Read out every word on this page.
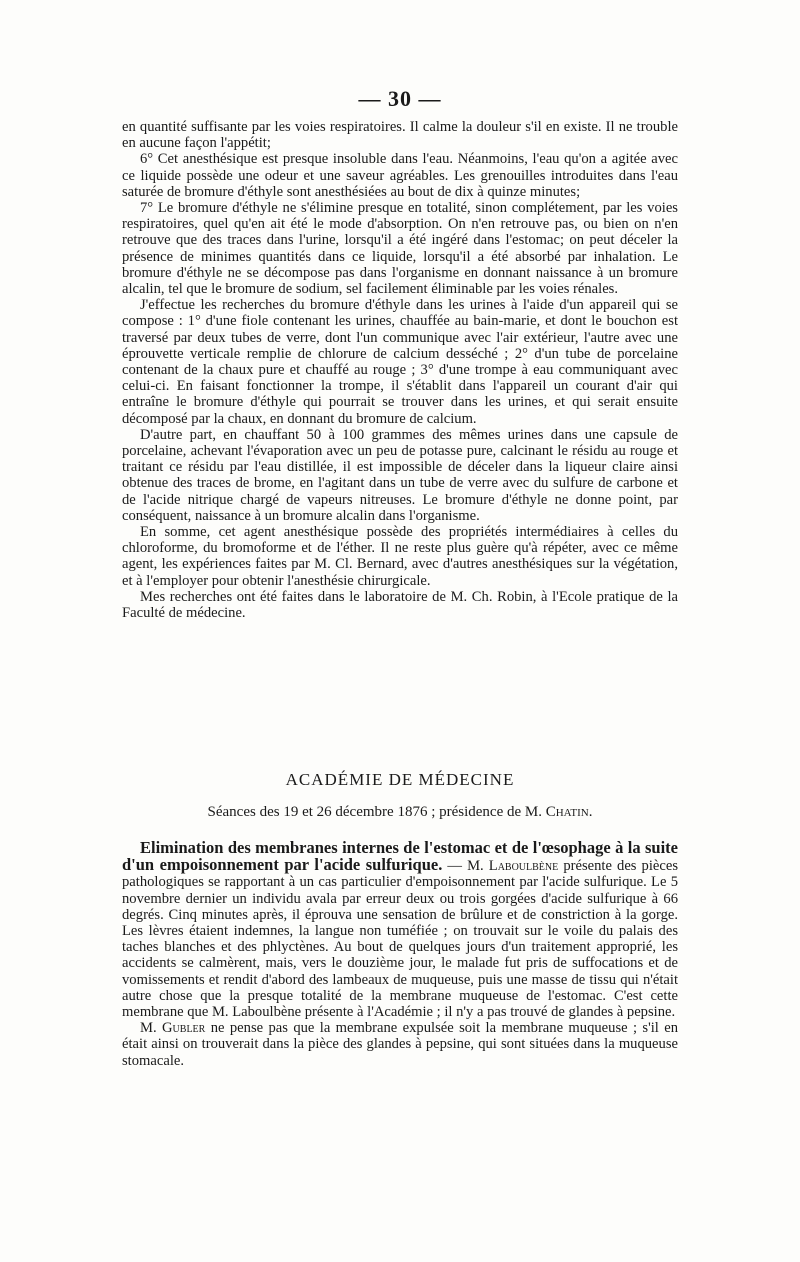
— 30 —

en quantité suffisante par les voies respiratoires. Il calme la douleur s'il en existe. Il ne trouble en aucune façon l'appétit;

6° Cet anesthésique est presque insoluble dans l'eau. Néanmoins, l'eau qu'on a agitée avec ce liquide possède une odeur et une saveur agréables. Les grenouilles introduites dans l'eau saturée de bromure d'éthyle sont anesthésiées au bout de dix à quinze minutes;

7° Le bromure d'éthyle ne s'élimine presque en totalité, sinon complétement, par les voies respiratoires, quel qu'en ait été le mode d'absorption. On n'en retrouve pas, ou bien on n'en retrouve que des traces dans l'urine, lorsqu'il a été ingéré dans l'estomac; on peut déceler la présence de minimes quantités dans ce liquide, lorsqu'il a été absorbé par inhalation. Le bromure d'éthyle ne se décompose pas dans l'organisme en donnant naissance à un bromure alcalin, tel que le bromure de sodium, sel facilement éliminable par les voies rénales.

J'effectue les recherches du bromure d'éthyle dans les urines à l'aide d'un appareil qui se compose : 1° d'une fiole contenant les urines, chauffée au bain-marie, et dont le bouchon est traversé par deux tubes de verre, dont l'un communique avec l'air extérieur, l'autre avec une éprouvette verticale remplie de chlorure de calcium desséché ; 2° d'un tube de porcelaine contenant de la chaux pure et chauffé au rouge ; 3° d'une trompe à eau communiquant avec celui-ci. En faisant fonctionner la trompe, il s'établit dans l'appareil un courant d'air qui entraîne le bromure d'éthyle qui pourrait se trouver dans les urines, et qui serait ensuite décomposé par la chaux, en donnant du bromure de calcium.

D'autre part, en chauffant 50 à 100 grammes des mêmes urines dans une capsule de porcelaine, achevant l'évaporation avec un peu de potasse pure, calcinant le résidu au rouge et traitant ce résidu par l'eau distillée, il est impossible de déceler dans la liqueur claire ainsi obtenue des traces de brome, en l'agitant dans un tube de verre avec du sulfure de carbone et de l'acide nitrique chargé de vapeurs nitreuses. Le bromure d'éthyle ne donne point, par conséquent, naissance à un bromure alcalin dans l'organisme.

En somme, cet agent anesthésique possède des propriétés intermédiaires à celles du chloroforme, du bromoforme et de l'éther. Il ne reste plus guère qu'à répéter, avec ce même agent, les expériences faites par M. Cl. Bernard, avec d'autres anesthésiques sur la végétation, et à l'employer pour obtenir l'anesthésie chirurgicale.

Mes recherches ont été faites dans le laboratoire de M. Ch. Robin, à l'Ecole pratique de la Faculté de médecine.

ACADÉMIE DE MÉDECINE
Séances des 19 et 26 décembre 1876 ; présidence de M. Chatin.

Elimination des membranes internes de l'estomac et de l'œsophage à la suite d'un empoisonnement par l'acide sulfurique. — M. Laboulbène présente des pièces pathologiques se rapportant à un cas particulier d'empoisonnement par l'acide sulfurique. Le 5 novembre dernier un individu avala par erreur deux ou trois gorgées d'acide sulfurique à 66 degrés. Cinq minutes après, il éprouva une sensation de brûlure et de constriction à la gorge. Les lèvres étaient indemnes, la langue non tuméfiée ; on trouvait sur le voile du palais des taches blanches et des phlyctènes. Au bout de quelques jours d'un traitement approprié, les accidents se calmèrent, mais, vers le douzième jour, le malade fut pris de suffocations et de vomissements et rendit d'abord des lambeaux de muqueuse, puis une masse de tissu qui n'était autre chose que la presque totalité de la membrane muqueuse de l'estomac. C'est cette membrane que M. Laboulbène présente à l'Académie ; il n'y a pas trouvé de glandes à pepsine.

M. Gubler ne pense pas que la membrane expulsée soit la membrane muqueuse ; s'il en était ainsi on trouverait dans la pièce des glandes à pepsine, qui sont situées dans la muqueuse stomacale.
